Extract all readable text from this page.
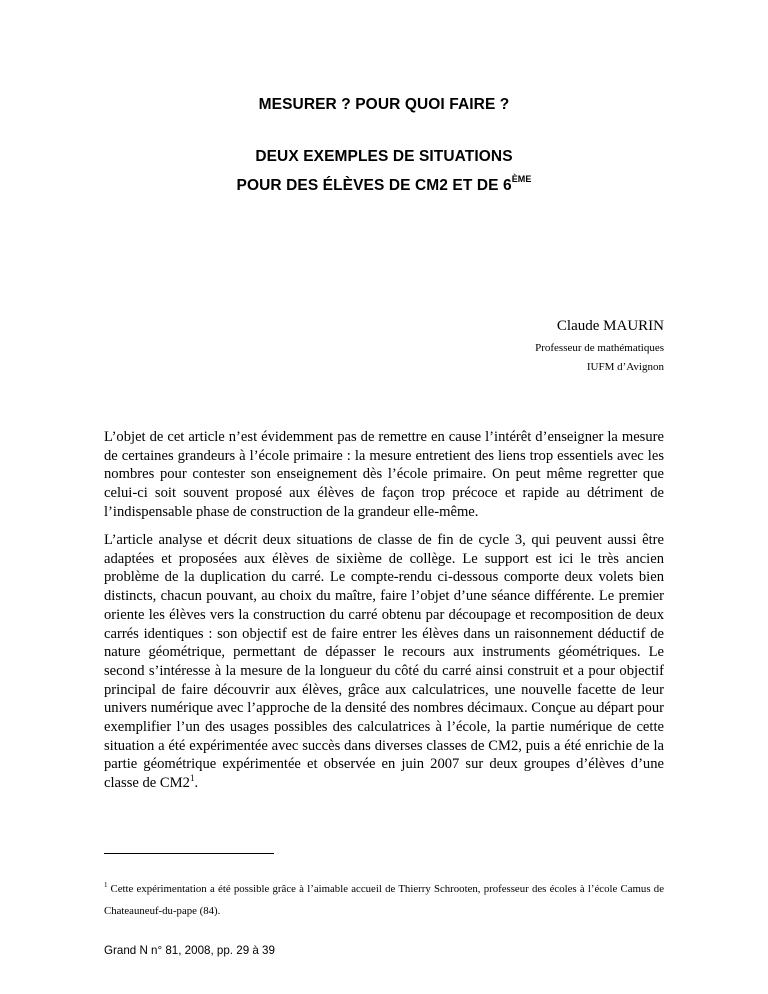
MESURER ? POUR QUOI FAIRE ?
DEUX EXEMPLES DE SITUATIONS
POUR DES ÉLÈVES DE CM2 ET DE 6ÈME
Claude MAURIN
Professeur de mathématiques
IUFM d’Avignon
L’objet de cet article n’est évidemment pas de remettre en cause l’intérêt d’enseigner la mesure de certaines grandeurs à l’école primaire : la mesure entretient des liens trop essentiels avec les nombres pour contester son enseignement dès l’école primaire. On peut même regretter que celui-ci soit souvent proposé aux élèves de façon trop précoce et rapide au détriment de l’indispensable phase de construction de la grandeur elle-même.
L’article analyse et décrit deux situations de classe de fin de cycle 3, qui peuvent aussi être adaptées et proposées aux élèves de sixième de collège. Le support est ici le très ancien problème de la duplication du carré. Le compte-rendu ci-dessous comporte deux volets bien distincts, chacun pouvant, au choix du maître, faire l’objet d’une séance différente. Le premier oriente les élèves vers la construction du carré obtenu par découpage et recomposition de deux carrés identiques : son objectif est de faire entrer les élèves dans un raisonnement déductif de nature géométrique, permettant de dépasser le recours aux instruments géométriques. Le second s’intéresse à la mesure de la longueur du côté du carré ainsi construit et a pour objectif principal de faire découvrir aux élèves, grâce aux calculatrices, une nouvelle facette de leur univers numérique avec l’approche de la densité des nombres décimaux. Conçue au départ pour exemplifier l’un des usages possibles des calculatrices à l’école, la partie numérique de cette situation a été expérimentée avec succès dans diverses classes de CM2, puis a été enrichie de la partie géométrique expérimentée et observée en juin 2007 sur deux groupes d’élèves d’une classe de $CM2^1$.
$^1$ Cette expérimentation a été possible grâce à l’aimable accueil de Thierry Schrooten, professeur des écoles à l’école Camus de Chateauneuf-du-pape (84).
Grand N n° 81, 2008, pp. 29 à 39
